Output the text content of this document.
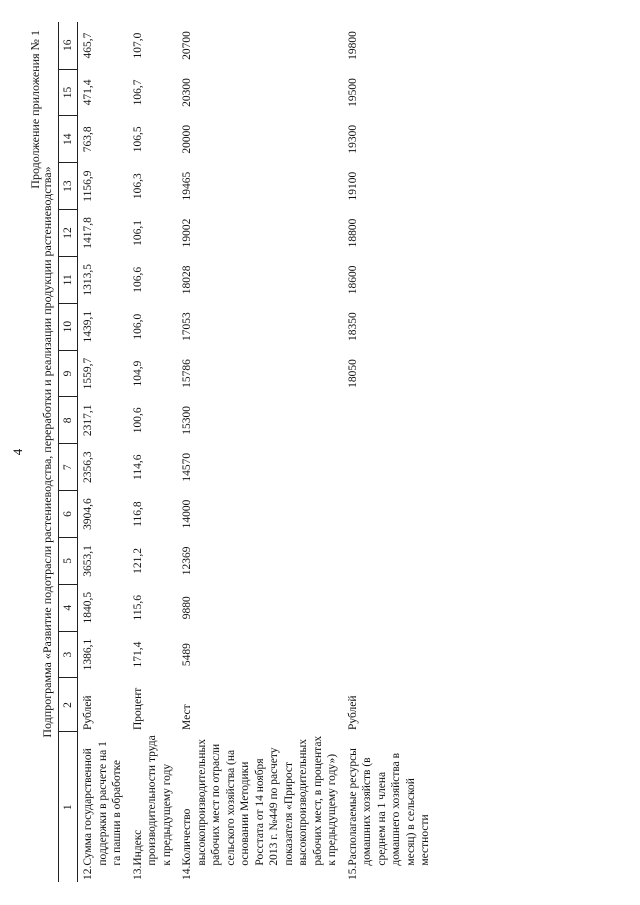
4
Продолжение приложения № 1
Подпрограмма «Развитие подотрасли растениеводства, переработки и реализации продукции растениеводства»
1	2	3	4	5	6	7	8	9	10	11	12	13	14	15	16

12.
Сумма государственной поддержки в расчете на 1 га пашни в обработке	Рублей	1386,1	1840,5	3653,1	3904,6	2356,3	2317,1	1559,7	1439,1	1313,5	1417,8	1156,9	763,8	471,4	465,7

13.
Индекс производительности труда к предыдущему году	Процент	171,4	115,6	121,2	116,8	114,6	100,6	104,9	106,0	106,6	106,1	106,3	106,5	106,7	107,0

14.
Количество высокопроизводительных рабочих мест по отрасли сельского хозяйства (на основании Методики Росстата от 14 ноября 2013 г. №449 по расчету показателя «Прирост высокопроизводительных рабочих мест, в процентах к предыдущему году»)	Мест	5489	9880	12369	14000	14570	15300	15786	17053	18028	19002	19465	20000	20300	20700

15.
Располагаемые ресурсы домашних хозяйств (в среднем на 1 члена домашнего хозяйства в месяц) в сельской местности	Рублей							18050	18350	18600	18800	19100	19300	19500	19800
